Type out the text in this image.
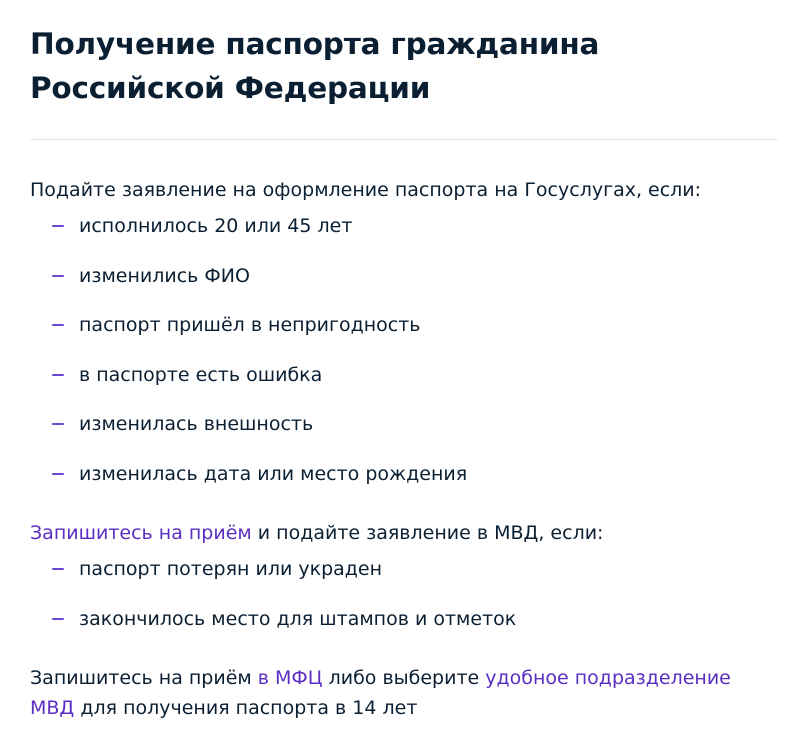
Получение паспорта гражданина Российской Федерации

Подайте заявление на оформление паспорта на Госуслугах, если:

исполнилось 20 или 45 лет
изменились ФИО
паспорт пришёл в непригодность
в паспорте есть ошибка
изменилась внешность
изменилась дата или место рождения

Запишитесь на приём и подайте заявление в МВД, если:

паспорт потерян или украден
закончилось место для штампов и отметок

Запишитесь на приём в МФЦ либо выберите удобное подразделение МВД для получения паспорта в 14 лет
